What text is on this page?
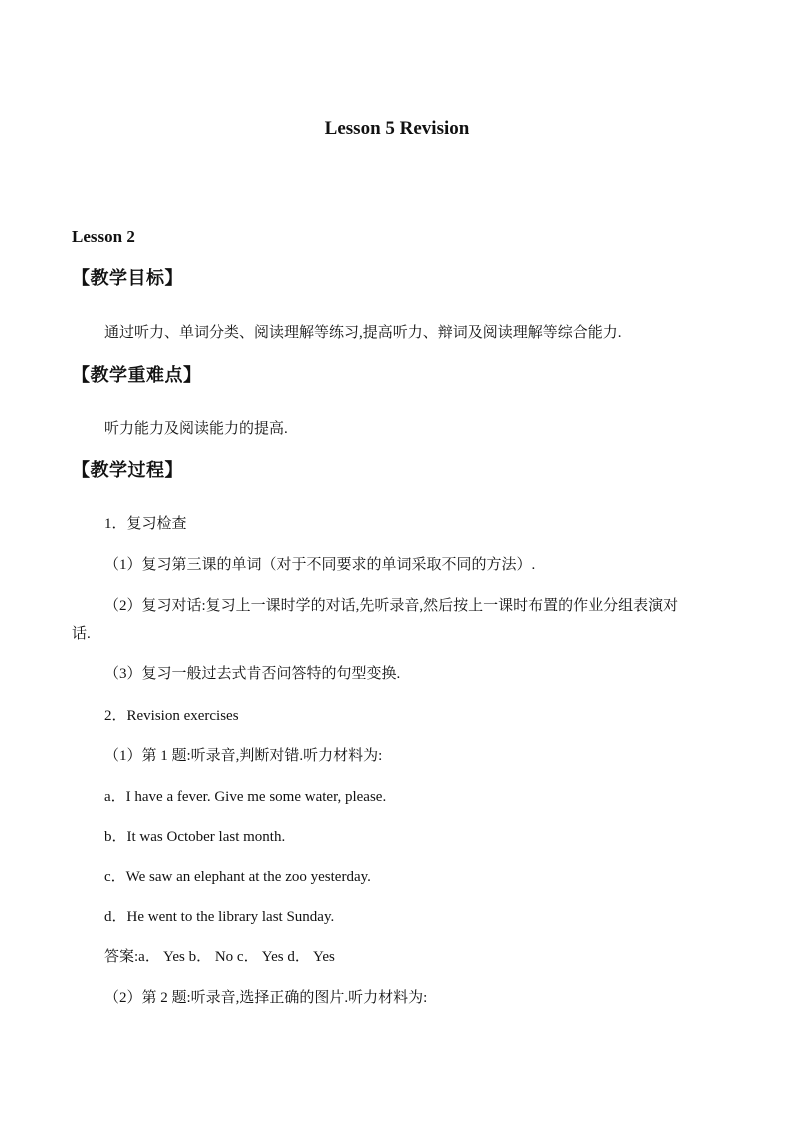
Lesson 5 Revision
Lesson 2
【教学目标】
通过听力、单词分类、阅读理解等练习,提高听力、辩词及阅读理解等综合能力.
【教学重难点】
听力能力及阅读能力的提高.
【教学过程】
1．复习检查
（1）复习第三课的单词（对于不同要求的单词采取不同的方法）.
（2）复习对话:复习上一课时学的对话,先听录音,然后按上一课时布置的作业分组表演对
话.
（3）复习一般过去式肯否问答特的句型变换.
2．Revision exercises
（1）第 1 题:听录音,判断对错.听力材料为:
a．I have a fever. Give me some water, please.
b．It was October last month.
c．We saw an elephant at the zoo yesterday.
d．He went to the library last Sunday.
答案:a． Yes b． No c． Yes d． Yes
（2）第 2 题:听录音,选择正确的图片.听力材料为:
